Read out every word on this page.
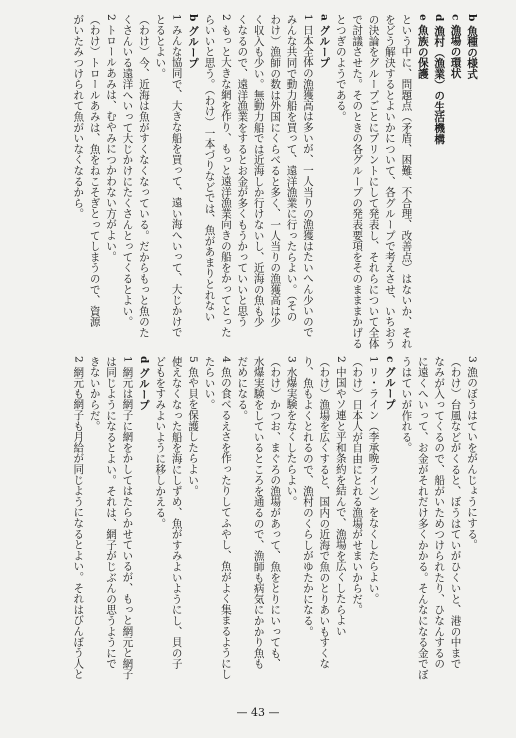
b 魚種の様式
c 漁場の環状
d 漁村（漁業）の生活機構
e 魚族の保護
という中に、問題点（矛盾、困難、不合理、改善点）はないか、それ
をどう解決するとよいかについて、各グループで考えさせ、いちおう
の決論をグループごとにプリントにして発表し、それらについて全体
で討議させた。そのときの各グループの発表要項をそのまままかげる
とつぎのようである。
a グループ
1 日本全体の漁獲高は多いが、一人当りの漁獲はたいへん少いので
みんな共同で動力船を買って、遠洋漁業に行ったらよい。（その
わけ）漁師の数は外国にくらべると多く、一人当りの漁獲高は少
く収入も少い。無動力船では近海しか行けないし、近海の魚も少
くなるので、遠洋漁業をするとお金が多くもうかっていいと思う
2 もっと大きな網を作り、もっと遠洋漁業向きの船をかってとった
らいいと思う。（わけ）一本づりなどでは、魚があまりとれない
b グループ
1 みんな協同で、大きな船を買って、遠い海へいって、大じかけで
とるとよい。
（わけ）今、近海は魚がすくなくなっている。だからもっと魚のた
くさんいる遠洋へいって大じかけにたくさんとってくるとよい。
2 トロールあみは、むやみにつかわない方がよい。
（わけ）トロールあみは、魚をねこそぎとってしまうので、資源
がいたみつけられて魚がいなくなるから。
3 漁のぼうはていをがんじょうにする。
（わけ）台風などがくると、ぼうはていがひくいと、港の中まで
なみが入ってくるので、船がいためつけられたり、ひなんするの
に遠くへいって、お金がそれだけ多くかかる。そんなになる金でぼ
うはていが作れる。
c グループ
1 リ・ライン（李承晩ライン）をなくしたらよい。
（わけ）日本人が自由にとれる漁場がせまいからだ。
2 中国やソ連と平和条約を結んで、漁場を広くしたらよい
（わけ）漁場を広くすると、国内の近海で魚のとりあいもすくな
り、魚もよくとれるので、漁村のくらしがゆたかになる。
3 水爆実験をなくしたらよい。
（わけ）かつお、まぐろの漁場があって、魚をとりにいっても、
水爆実験をしているところを通るので、漁師も病気にかかり魚も
だめになる。
4 魚の食べるえさを作ったりしてふやし、魚がよく集まるようにし
たらいい。
5 魚や貝を保護したらよい。
使えなくなった船を海にしずめ、魚がすみよいようにし、貝の子
どもをすみよいように移しかえる。
d グループ
1 網元は網子に網をかしてはたらかせているが、もっと網元と網子
は同じようになるとよい。それは、網子がじぶんの思うようにで
きないからだ。
2 網元も網子も月給が同じようになるとよい。それはびんぼう人と
— 43 —
